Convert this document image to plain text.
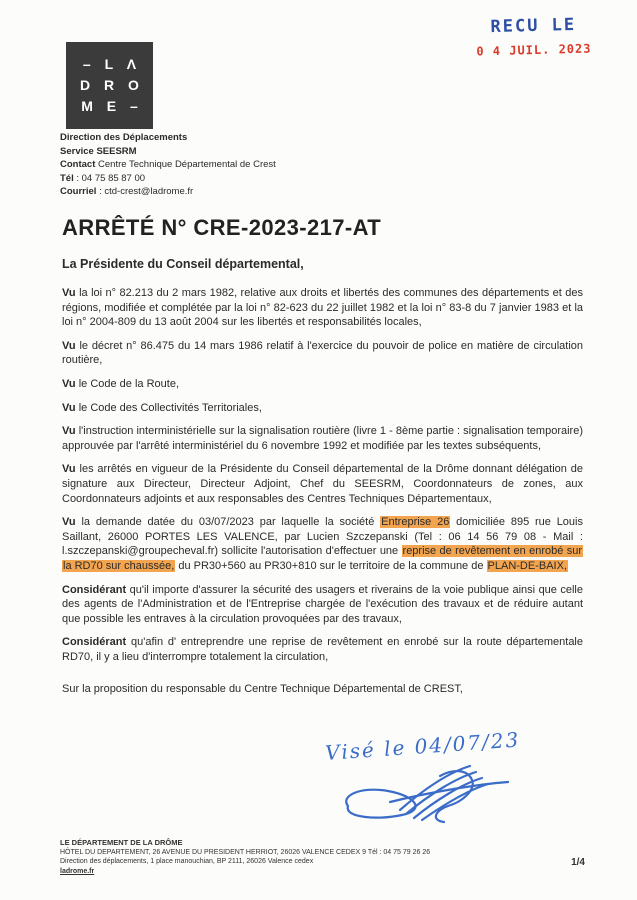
RECU LE
0 4 JUIL. 2023
– L Λ
D R O
M E –
Direction des Déplacements
Service SEESRM
Contact Centre Technique Départemental de Crest
Tél : 04 75 85 87 00
Courriel : ctd-crest@ladrome.fr
ARRÊTÉ N° CRE-2023-217-AT
La Présidente du Conseil départemental,

Vu la loi n° 82.213 du 2 mars 1982, relative aux droits et libertés des communes des départements et des régions, modifiée et complétée par la loi n° 82-623 du 22 juillet 1982 et la loi n° 83-8 du 7 janvier 1983 et la loi n° 2004-809 du 13 août 2004 sur les libertés et responsabilités locales,

Vu le décret n° 86.475 du 14 mars 1986 relatif à l'exercice du pouvoir de police en matière de circulation routière,

Vu le Code de la Route,

Vu le Code des Collectivités Territoriales,

Vu l'instruction interministérielle sur la signalisation routière (livre 1 - 8ème partie : signalisation temporaire) approuvée par l'arrêté interministériel du 6 novembre 1992 et modifiée par les textes subséquents,

Vu les arrêtés en vigueur de la Présidente du Conseil départemental de la Drôme donnant délégation de signature aux Directeur, Directeur Adjoint, Chef du SEESRM, Coordonnateurs de zones, aux Coordonnateurs adjoints et aux responsables des Centres Techniques Départementaux,

Vu la demande datée du 03/07/2023 par laquelle la société Entreprise 26 domiciliée 895 rue Louis Saillant, 26000 PORTES LES VALENCE, par Lucien Szczepanski (Tel : 06 14 56 79 08 - Mail : l.szczepanski@groupecheval.fr) sollicite l'autorisation d'effectuer une reprise de revêtement en enrobé sur la RD70 sur chaussée, du PR30+560 au PR30+810 sur le territoire de la commune de PLAN-DE-BAIX,

Considérant qu'il importe d'assurer la sécurité des usagers et riverains de la voie publique ainsi que celle des agents de l'Administration et de l'Entreprise chargée de l'exécution des travaux et de réduire autant que possible les entraves à la circulation provoquées par des travaux,

Considérant qu'afin d' entreprendre une reprise de revêtement en enrobé sur la route départementale RD70, il y a lieu d'interrompre totalement la circulation,

Sur la proposition du responsable du Centre Technique Départemental de CREST,

Visé le 04/07/23
LE DÉPARTEMENT DE LA DRÔME
HÔTEL DU DEPARTEMENT, 26 AVENUE DU PRESIDENT HERRIOT, 26026 VALENCE CEDEX 9 Tél : 04 75 79 26 26
Direction des déplacements, 1 place manouchian, BP 2111, 26026 Valence cedex
ladrome.fr
1/4
